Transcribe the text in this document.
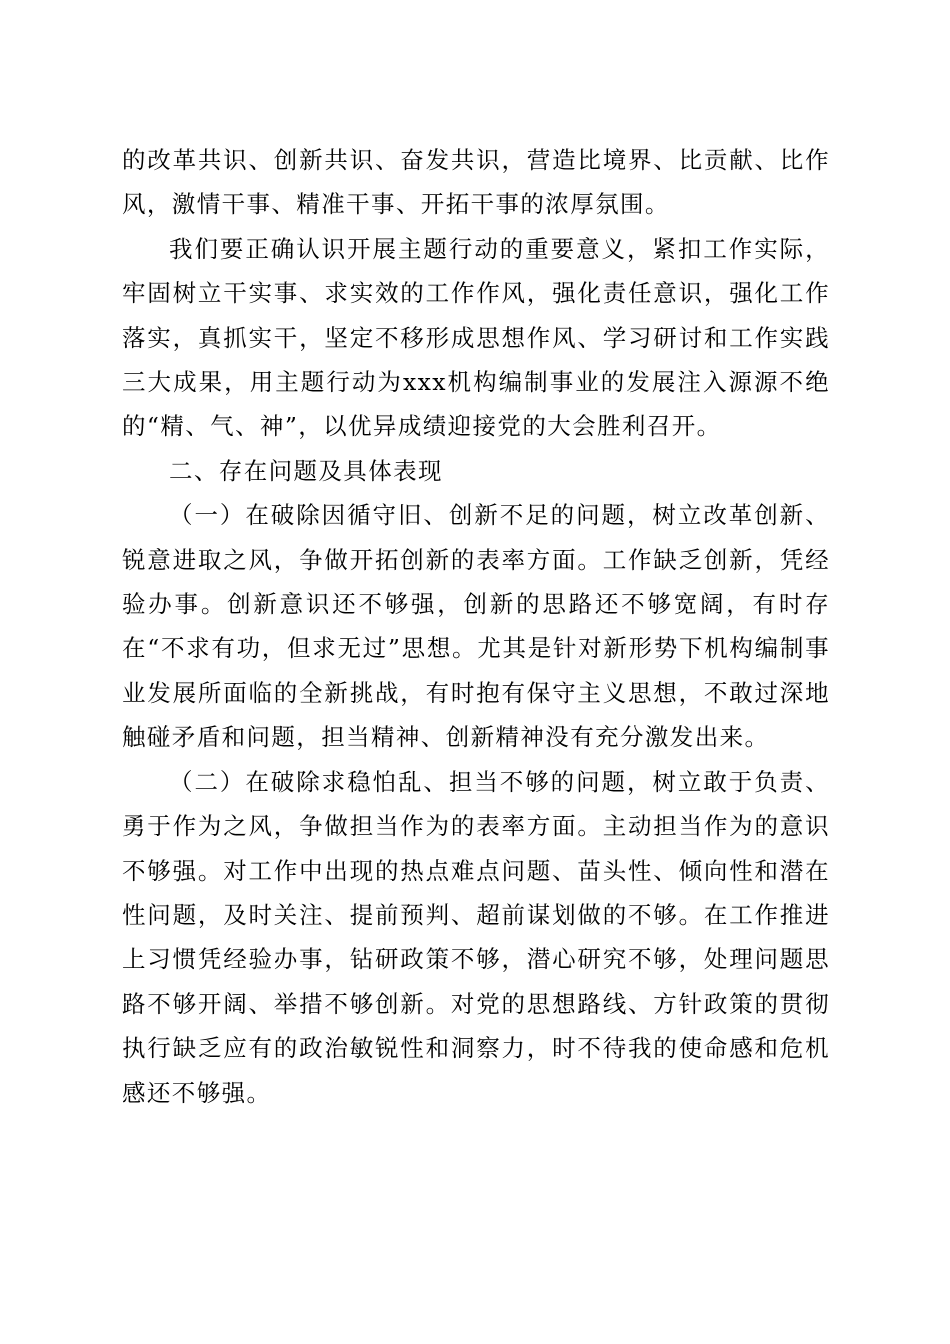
的改革共识、创新共识、奋发共识，营造比境界、比贡献、比作风，激情干事、精准干事、开拓干事的浓厚氛围。

我们要正确认识开展主题行动的重要意义，紧扣工作实际，牢固树立干实事、求实效的工作作风，强化责任意识，强化工作落实，真抓实干，坚定不移形成思想作风、学习研讨和工作实践三大成果，用主题行动为xxx机构编制事业的发展注入源源不绝的“精、气、神”，以优异成绩迎接党的大会胜利召开。

二、存在问题及具体表现

（一）在破除因循守旧、创新不足的问题，树立改革创新、锐意进取之风，争做开拓创新的表率方面。工作缺乏创新，凭经验办事。创新意识还不够强，创新的思路还不够宽阔，有时存在“不求有功，但求无过”思想。尤其是针对新形势下机构编制事业发展所面临的全新挑战，有时抱有保守主义思想，不敢过深地触碰矛盾和问题，担当精神、创新精神没有充分激发出来。

（二）在破除求稳怕乱、担当不够的问题，树立敢于负责、勇于作为之风，争做担当作为的表率方面。主动担当作为的意识不够强。对工作中出现的热点难点问题、苗头性、倾向性和潜在性问题，及时关注、提前预判、超前谋划做的不够。在工作推进上习惯凭经验办事，钻研政策不够，潜心研究不够，处理问题思路不够开阔、举措不够创新。对党的思想路线、方针政策的贯彻执行缺乏应有的政治敏锐性和洞察力，时不待我的使命感和危机感还不够强。
